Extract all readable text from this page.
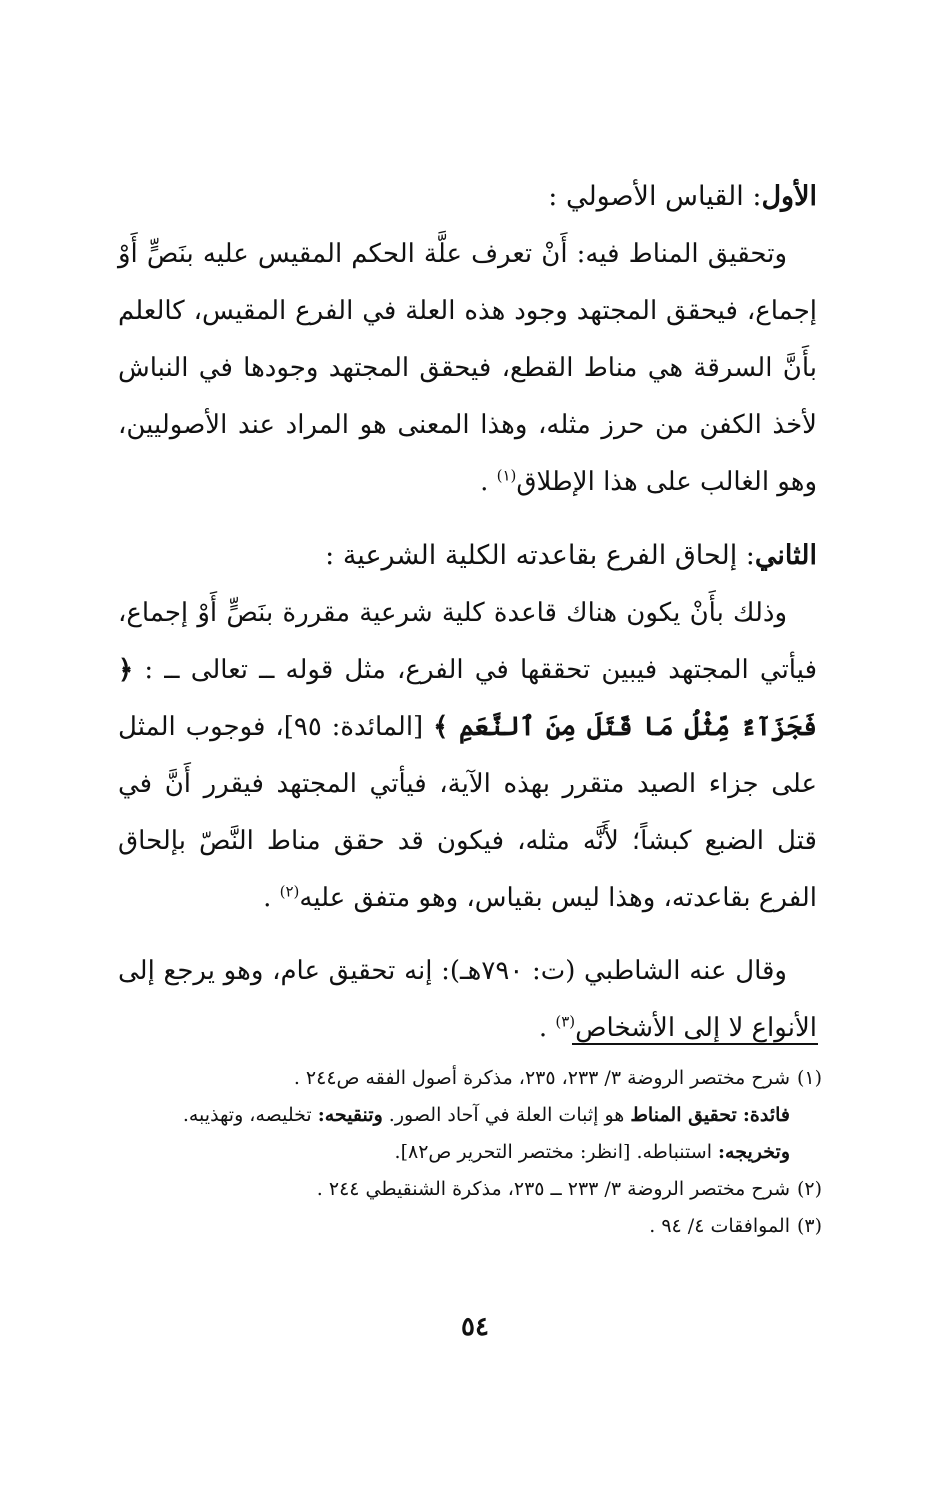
الأول: القياس الأصولي :

وتحقيق المناط فيه: أَنْ تعرف علَّة الحكم المقيس عليه بنَصٍّ أَوْ إجماع، فيحقق المجتهد وجود هذه العلة في الفرع المقيس، كالعلم بأَنَّ السرقة هي مناط القطع، فيحقق المجتهد وجودها في النباش لأخذ الكفن من حرز مثله، وهذا المعنى هو المراد عند الأصوليين، وهو الغالب على هذا الإطلاق$^{(١)}$ .

الثاني: إلحاق الفرع بقاعدته الكلية الشرعية :

وذلك بأَنْ يكون هناك قاعدة كلية شرعية مقررة بنَصٍّ أَوْ إجماع، فيأتي المجتهد فيبين تحققها في الفرع، مثل قوله ــ تعالى ــ : ﴿ فَجَزَآءٌ مِّثْلُ مَا قَتَلَ مِنَ ٱلنَّعَمِ ﴾ [المائدة: ٩٥]، فوجوب المثل على جزاء الصيد متقرر بهذه الآية، فيأتي المجتهد فيقرر أَنَّ في قتل الضبع كبشاً؛ لأَنَّه مثله، فيكون قد حقق مناط النَّصّ بإلحاق الفرع بقاعدته، وهذا ليس بقياس، وهو متفق عليه$^{(٢)}$ .

وقال عنه الشاطبي (ت: ٧٩٠هـ): إنه تحقيق عام، وهو يرجع إلى الأنواع لا إلى الأشخاص$^{(٣)}$ .

(١)شرح مختصر الروضة ٣/ ٢٣٣، ٢٣٥، مذكرة أصول الفقه ص٢٤٤ .

فائدة: تحقيق المناط هو إثبات العلة في آحاد الصور. وتنقيحه: تخليصه، وتهذيبه. وتخريجه: استنباطه. [انظر: مختصر التحرير ص٨٢].

(٢)شرح مختصر الروضة ٣/ ٢٣٣ ــ ٢٣٥، مذكرة الشنقيطي ٢٤٤ .

(٣)الموافقات ٤/ ٩٤ .

٥٤
